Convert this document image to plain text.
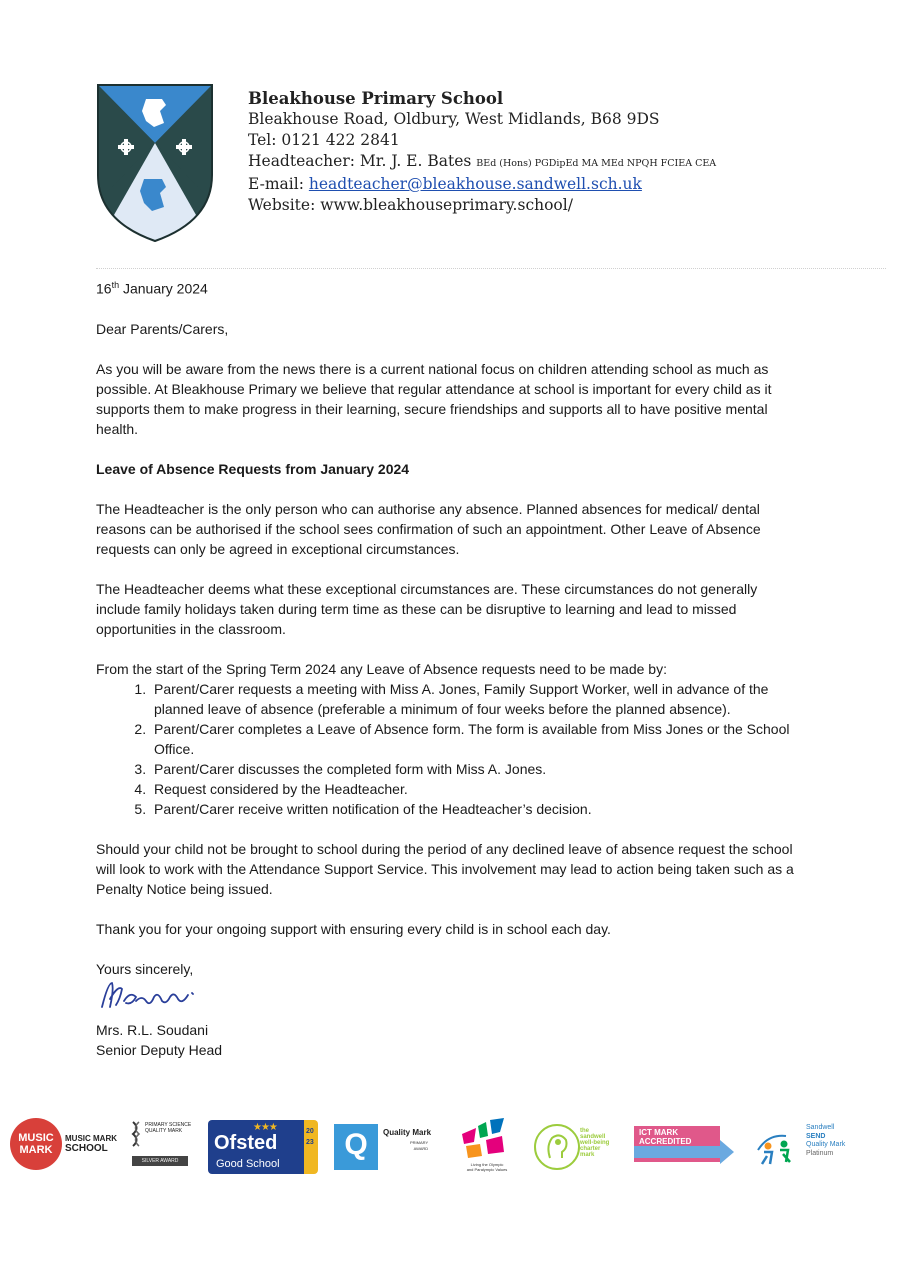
Bleakhouse Primary School
Bleakhouse Road, Oldbury, West Midlands, B68 9DS
Tel: 0121 422 2841
Headteacher: Mr. J. E. Bates BEd (Hons) PGDipEd MA MEd NPQH FCIEA CEA
E-mail: headteacher@bleakhouse.sandwell.sch.uk
Website: www.bleakhouseprimary.school/

16th January 2024

Dear Parents/Carers,

As you will be aware from the news there is a current national focus on children attending school as much as possible. At Bleakhouse Primary we believe that regular attendance at school is important for every child as it supports them to make progress in their learning, secure friendships and supports all to have positive mental health.

Leave of Absence Requests from January 2024

The Headteacher is the only person who can authorise any absence. Planned absences for medical/ dental reasons can be authorised if the school sees confirmation of such an appointment. Other Leave of Absence requests can only be agreed in exceptional circumstances.

The Headteacher deems what these exceptional circumstances are. These circumstances do not generally include family holidays taken during term time as these can be disruptive to learning and lead to missed opportunities in the classroom.

From the start of the Spring Term 2024 any Leave of Absence requests need to be made by:
1. Parent/Carer requests a meeting with Miss A. Jones, Family Support Worker, well in advance of the planned leave of absence (preferable a minimum of four weeks before the planned absence).
2. Parent/Carer completes a Leave of Absence form. The form is available from Miss Jones or the School Office.
3. Parent/Carer discusses the completed form with Miss A. Jones.
4. Request considered by the Headteacher.
5. Parent/Carer receive written notification of the Headteacher’s decision.

Should your child not be brought to school during the period of any declined leave of absence request the school will look to work with the Attendance Support Service. This involvement may lead to action being taken such as a Penalty Notice being issued.

Thank you for your ongoing support with ensuring every child is in school each day.

Yours sincerely,

Mrs. R.L. Soudani
Senior Deputy Head
MUSIC
MARK
MUSIC MARK
SCHOOL
PRIMARY SCIENCE
QUALITY MARK
SILVER AWARD
★★★
Ofsted
Good School
2023	Q	Quality Mark
PRIMARY
AWARD
Living the Olympic
and Paralympic Values
the
sandwell
well-being
charter
mark
ICT MARK
ACCREDITED
Sandwell
SEND
Quality Mark
Platinum
